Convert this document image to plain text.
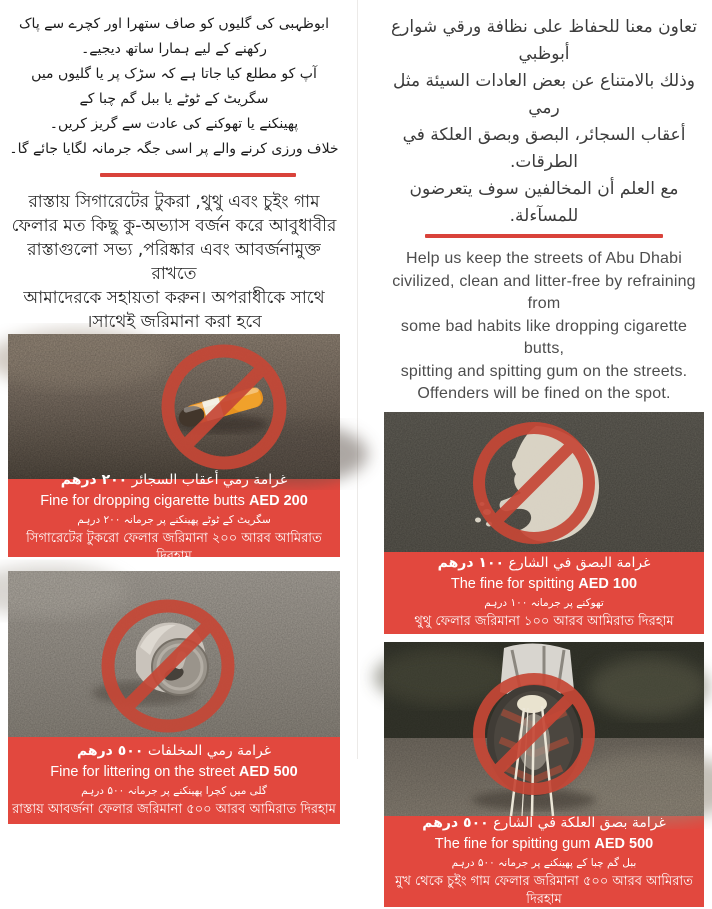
ابوظہبی کی گلیوں کو صاف ستھرا اور کچرے سے پاک رکھنے کے لیے ہمارا ساتھ دیجیے۔
آپ کو مطلع کیا جاتا ہے کہ سڑک پر یا گلیوں میں سگریٹ کے ٹوٹے یا ببل گم چبا کے
پھینکنے یا تھوکنے کی عادت سے گریز کریں۔
خلاف ورزی کرنے والے پر اسی جگہ جرمانہ لگایا جائے گا۔
রাস্তায় সিগারেটের টুকরা ,থুথু এবং চুইং গাম
ফেলার মত কিছু কু-অভ্যাস বর্জন করে আবুধাবীর
রাস্তাগুলো সভ্য ,পরিষ্কার এবং আবর্জনামুক্ত রাখতে
আমাদেরকে সহায়তা করুন। অপরাধীকে সাথে
।সাথেই জরিমানা করা হবে
غرامة رمي أعقاب السجائر ٢٠٠ درهم
Fine for dropping cigarette butts AED 200
سگریٹ کے ٹوٹے پھینکنے پر جرمانہ ۲۰۰ درہم
সিগারেটের টুকরো ফেলার জরিমানা ২০০ আরব আমিরাত দিরহাম
غرامة رمي المخلفات ٥٠٠ درهم
Fine for littering on the street AED 500
گلی میں کچرا پھینکنے پر جرمانہ ۵۰۰ درہم
রাস্তায় আবর্জনা ফেলার জরিমানা ৫০০ আরব আমিরাত দিরহাম
تعاون معنا للحفاظ على نظافة ورقي شوارع أبوظبي
وذلك بالامتناع عن بعض العادات السيئة مثل رمي
أعقاب السجائر، البصق وبصق العلكة في الطرقات.
مع العلم أن المخالفين سوف يتعرضون للمسآءلة.
Help us keep the streets of Abu Dhabi
civilized, clean and litter-free by refraining from
some bad habits like dropping cigarette butts,
spitting and spitting gum on the streets.
Offenders will be fined on the spot.
غرامة البصق في الشارع ١٠٠ درهم
The fine for spitting AED 100
تھوکنے پر جرمانہ ۱۰۰ درہم
থুথু ফেলার জরিমানা ১০০ আরব আমিরাত দিরহাম
غرامة بصق العلكة في الشارع ٥٠٠ درهم
The fine for spitting gum AED 500
ببل گم چبا کے پھینکنے پر جرمانہ ۵۰۰ درہم
মুখ থেকে চুইং গাম ফেলার জরিমানা ৫০০ আরব আমিরাত দিরহাম
